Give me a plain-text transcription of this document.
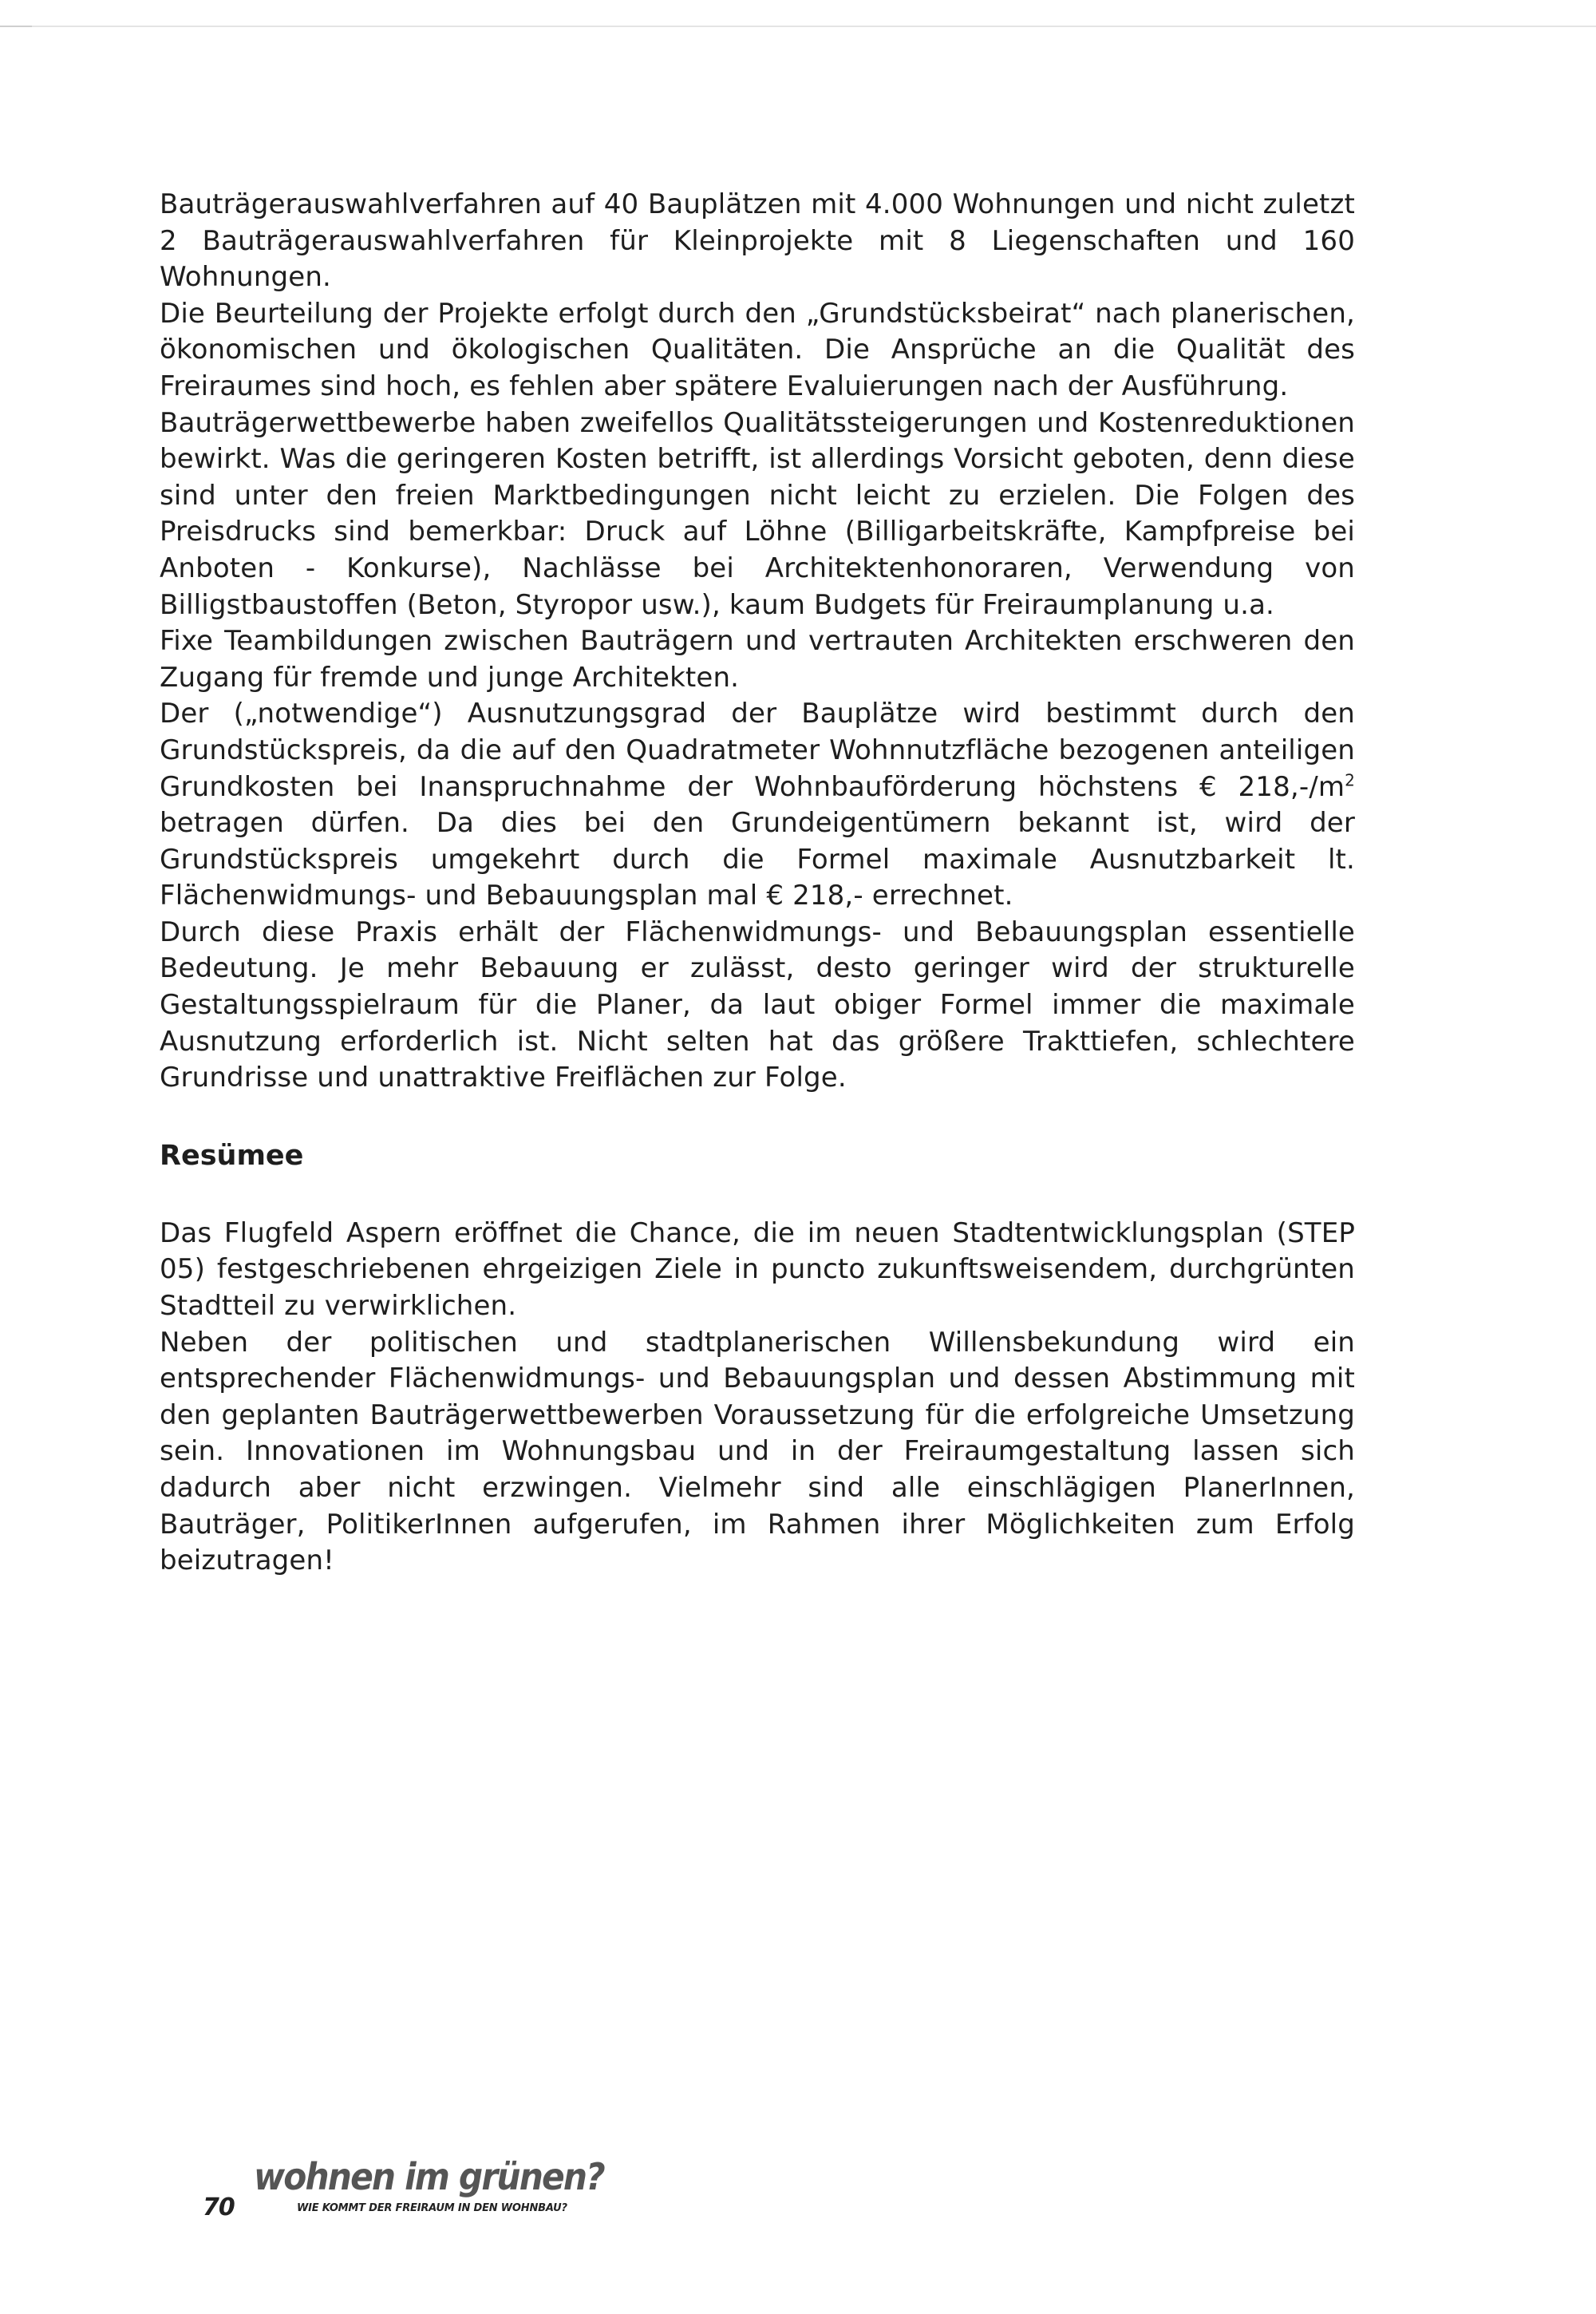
Bauträgerauswahlverfahren auf 40 Bauplätzen mit 4.000 Wohnungen und nicht zuletzt 2 Bauträgerauswahlverfahren für Kleinprojekte mit 8 Liegenschaften und 160 Wohnungen.

Die Beurteilung der Projekte erfolgt durch den „Grundstücksbeirat“ nach planerischen, ökonomischen und ökologischen Qualitäten. Die Ansprüche an die Qualität des Freiraumes sind hoch, es fehlen aber spätere Evaluierungen nach der Ausführung.

Bauträgerwettbewerbe haben zweifellos Qualitätssteigerungen und Kostenreduktionen bewirkt. Was die geringeren Kosten betrifft, ist allerdings Vorsicht geboten, denn diese sind unter den freien Marktbedingungen nicht leicht zu erzielen. Die Folgen des Preisdrucks sind bemerkbar: Druck auf Löhne (Billigarbeitskräfte, Kampfpreise bei Anboten - Konkurse), Nachlässe bei Architektenhonoraren, Verwendung von Billigstbaustoffen (Beton, Styropor usw.), kaum Budgets für Freiraumplanung u.a.

Fixe Teambildungen zwischen Bauträgern und vertrauten Architekten erschweren den Zugang für fremde und junge Architekten.

Der („notwendige“) Ausnutzungsgrad der Bauplätze wird bestimmt durch den Grundstückspreis, da die auf den Quadratmeter Wohnnutzfläche bezogenen anteiligen Grundkosten bei Inanspruchnahme der Wohnbauförderung höchstens € $218,-/m^2$ betragen dürfen. Da dies bei den Grundeigentümern bekannt ist, wird der Grundstückspreis umgekehrt durch die Formel maximale Ausnutzbarkeit lt. Flächenwidmungs- und Bebauungsplan mal € 218,- errechnet.

Durch diese Praxis erhält der Flächenwidmungs- und Bebauungsplan essentielle Bedeutung. Je mehr Bebauung er zulässt, desto geringer wird der strukturelle Gestaltungsspielraum für die Planer, da laut obiger Formel immer die maximale Ausnutzung erforderlich ist. Nicht selten hat das größere Trakttiefen, schlechtere Grundrisse und unattraktive Freiflächen zur Folge.

Resümee

Das Flugfeld Aspern eröffnet die Chance, die im neuen Stadtentwicklungsplan (STEP 05) festgeschriebenen ehrgeizigen Ziele in puncto zukunftsweisendem, durchgrünten Stadtteil zu verwirklichen.

Neben der politischen und stadtplanerischen Willensbekundung wird ein entsprechender Flächenwidmungs- und Bebauungsplan und dessen Abstimmung mit den geplanten Bauträgerwettbewerben Voraussetzung für die erfolgreiche Umsetzung sein. Innovationen im Wohnungsbau und in der Freiraumgestaltung lassen sich dadurch aber nicht erzwingen. Vielmehr sind alle einschlägigen PlanerInnen, Bauträger, PolitikerInnen aufgerufen, im Rahmen ihrer Möglichkeiten zum Erfolg beizutragen!

70
wohnen im grünen?
WIE KOMMT DER FREIRAUM IN DEN WOHNBAU?
